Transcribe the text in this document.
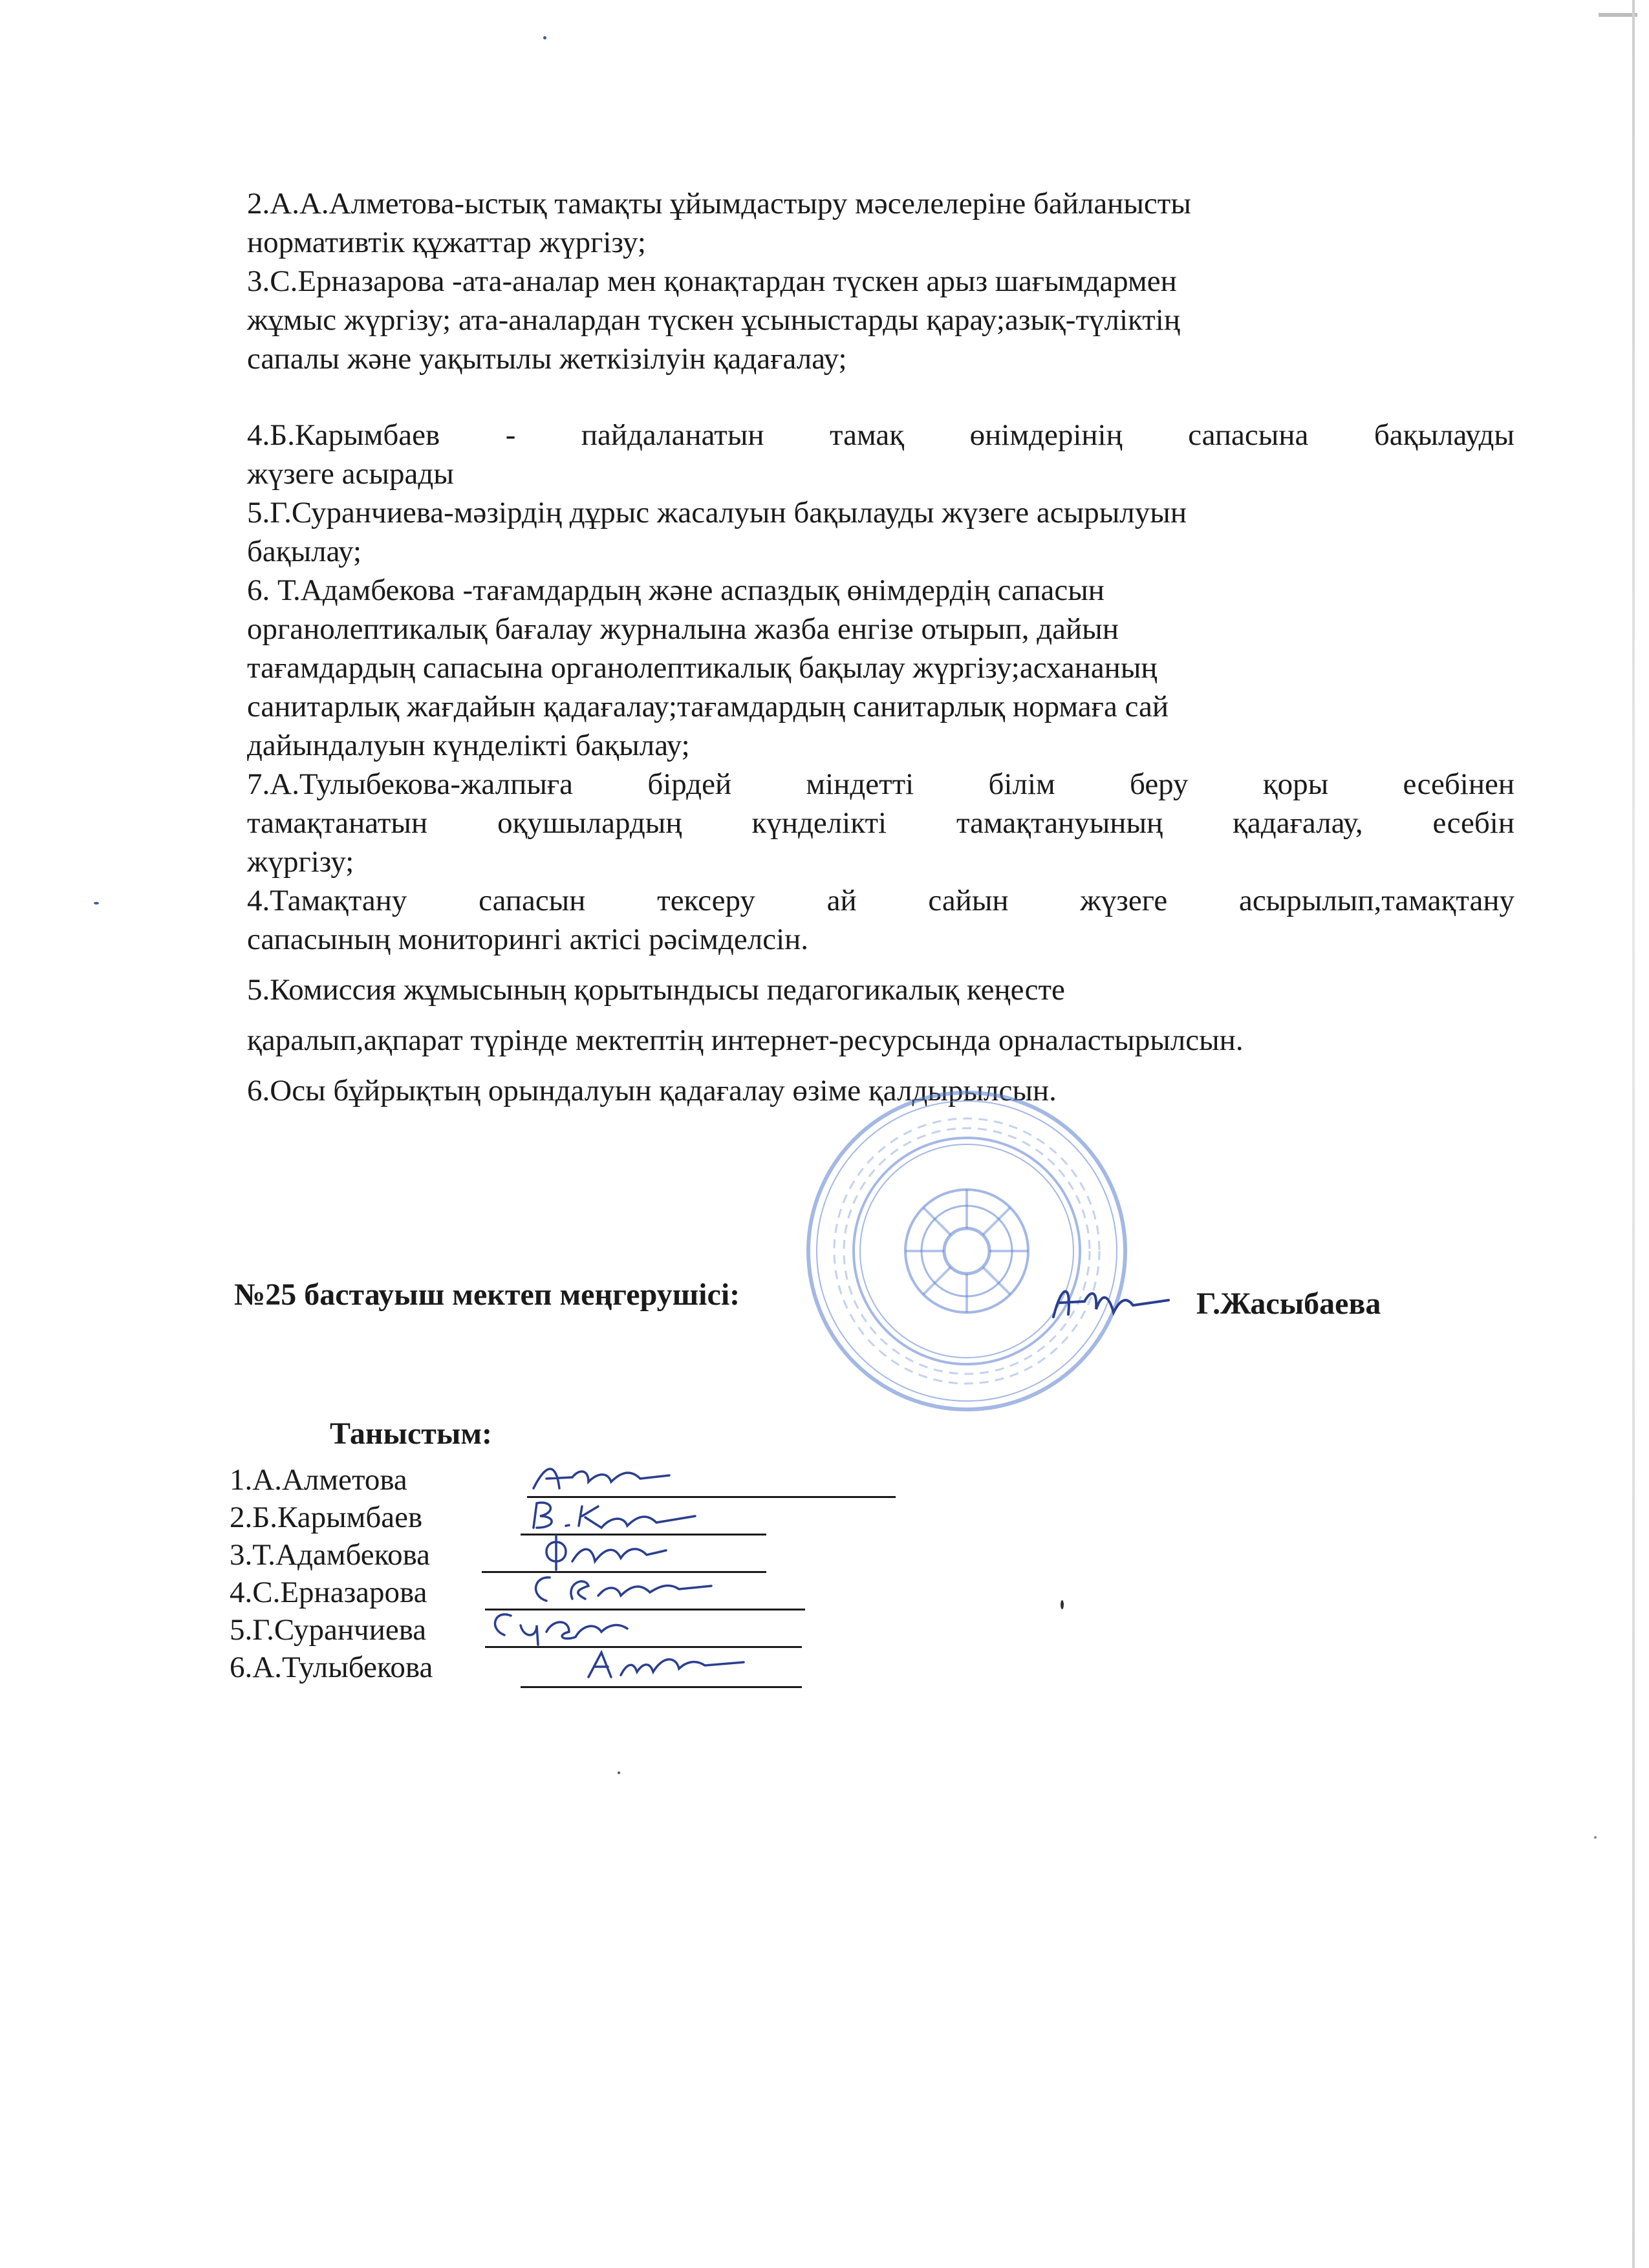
2.А.А.Алметова-ыстық тамақты ұйымдастыру мәселелеріне байланысты
нормативтік құжаттар жүргізу;
3.С.Ерназарова -ата-аналар мен қонақтардан түскен арыз шағымдармен
жұмыс жүргізу; ата-аналардан түскен ұсыныстарды қарау;азық-түліктің
сапалы және уақытылы жеткізілуін қадағалау;
4.Б.Карымбаев - пайдаланатын тамақ өнімдерінің сапасына бақылауды
жүзеге асырады
5.Г.Суранчиева-мәзірдің дұрыс жасалуын бақылауды жүзеге асырылуын
бақылау;
6. Т.Адамбекова -тағамдардың және аспаздық өнімдердің сапасын
органолептикалық бағалау журналына жазба енгізе отырып, дайын
тағамдардың сапасына органолептикалық бақылау жүргізу;асхананың
санитарлық жағдайын қадағалау;тағамдардың санитарлық нормаға сай
дайындалуын күнделікті бақылау;
7.А.Тулыбекова-жалпыға бірдей міндетті білім беру қоры есебінен
тамақтанатын оқушылардың күнделікті тамақтануының қадағалау, есебін
жүргізу;
4.Тамақтану сапасын тексеру ай сайын жүзеге асырылып,тамақтану
сапасының мониторингі актісі рәсімделсін.
5.Комиссия жұмысының қорытындысы педагогикалық кеңесте
қаралып,ақпарат түрінде мектептің интернет-ресурсында орналастырылсын.
6.Осы бұйрықтың орындалуын қадағалау өзіме қалдырылсын.
№25 бастауыш мектеп меңгерушісі:	Г.Жасыбаева
Таныстым:
1.А.Алметова
2.Б.Карымбаев
3.Т.Адамбекова
4.С.Ерназарова
5.Г.Суранчиева
6.А.Тулыбекова
